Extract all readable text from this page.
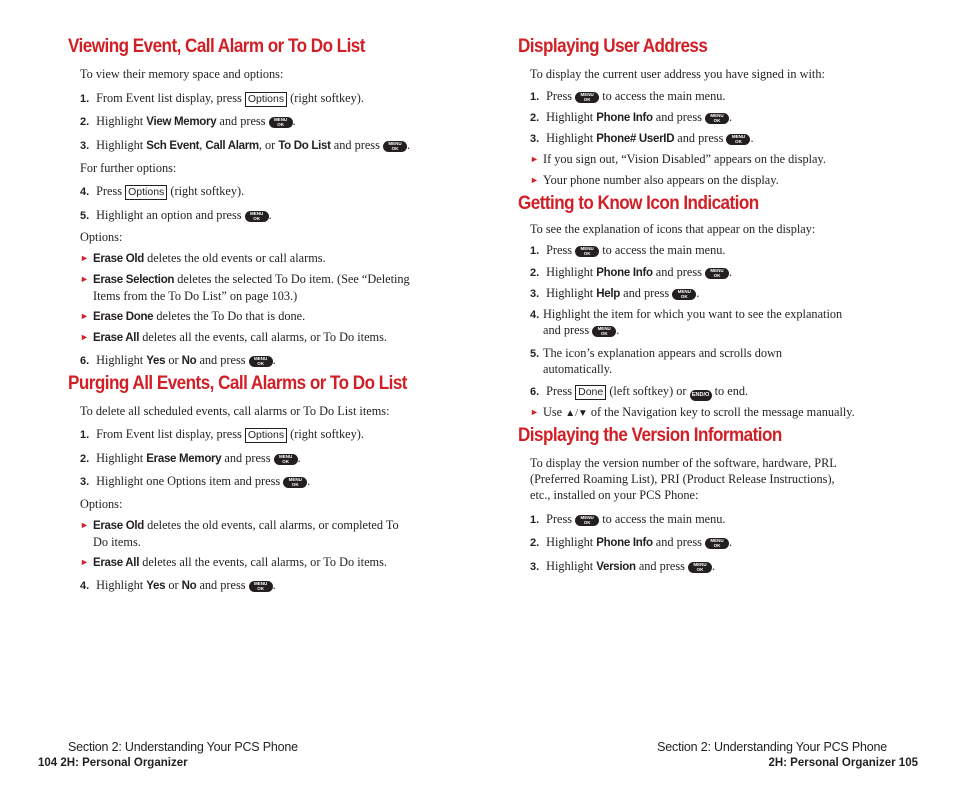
Viewing Event, Call Alarm or To Do List
To view their memory space and options:
1. From Event list display, press Options (right softkey).
2. Highlight View Memory and press MENU
OK .
3. Highlight Sch Event, Call Alarm, or To Do List and press MENU
OK .
For further options:
4. Press Options (right softkey).
5. Highlight an option and press MENU
OK .
Options:
► Erase Old deletes the old events or call alarms.
► Erase Selection deletes the selected To Do item. (See “Deleting
Items from the To Do List” on page 103.)
► Erase Done deletes the To Do that is done.
► Erase All deletes all the events, call alarms, or To Do items.
6. Highlight Yes or No and press MENU
OK .
Purging All Events, Call Alarms or To Do List
To delete all scheduled events, call alarms or To Do List items:
1. From Event list display, press Options (right softkey).
2. Highlight Erase Memory and press MENU
OK .
3. Highlight one Options item and press MENU
OK .
Options:
► Erase Old deletes the old events, call alarms, or completed To
Do items.
► Erase All deletes all the events, call alarms, or To Do items.
4. Highlight Yes or No and press MENU
OK .
Section 2: Understanding Your PCS Phone
104 2H: Personal Organizer
Displaying User Address
To display the current user address you have signed in with:
1. Press MENU
OK to access the main menu.
2. Highlight Phone Info and press MENU
OK .
3. Highlight Phone# UserID and press MENU
OK .
► If you sign out, “Vision Disabled” appears on the display.
► Your phone number also appears on the display.
Getting to Know Icon Indication
To see the explanation of icons that appear on the display:
1. Press MENU
OK to access the main menu.
2. Highlight Phone Info and press MENU
OK .
3. Highlight Help and press MENU
OK .
4. Highlight the item for which you want to see the explanation
and press MENU
OK .
5. The icon’s explanation appears and scrolls down
automatically.
6. Press Done (left softkey) or END/O to end.
► Use ▲/▼ of the Navigation key to scroll the message manually.
Displaying the Version Information
To display the version number of the software, hardware, PRL
(Preferred Roaming List), PRI (Product Release Instructions),
etc., installed on your PCS Phone:
1. Press MENU
OK to access the main menu.
2. Highlight Phone Info and press MENU
OK .
3. Highlight Version and press MENU
OK .
Section 2: Understanding Your PCS Phone
2H: Personal Organizer 105
